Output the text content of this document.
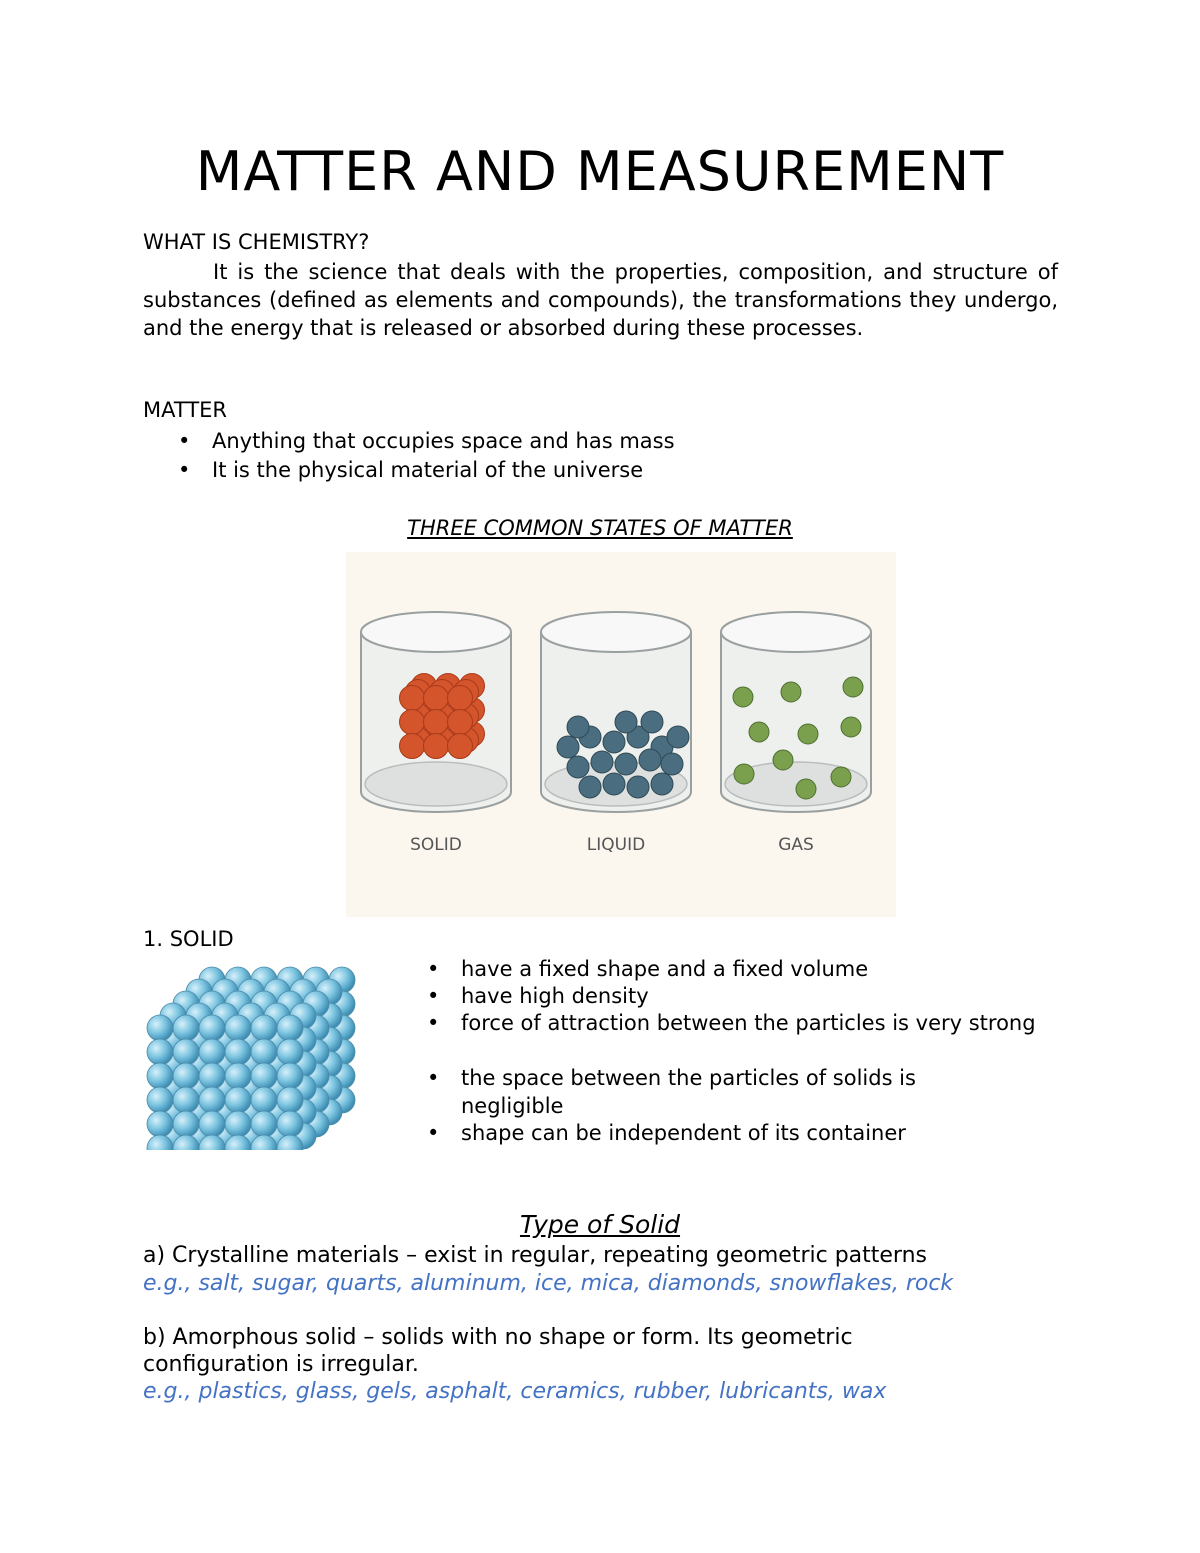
MATTER AND MEASUREMENT
WHAT IS CHEMISTRY?
It is the science that deals with the properties, composition, and structure of substances (defined as elements and compounds), the transformations they undergo, and the energy that is released or absorbed during these processes.
MATTER
• Anything that occupies space and has mass
• It is the physical material of the universe
THREE COMMON STATES OF MATTER
SOLID	LIQUID	GAS
1. SOLID
• have a fixed shape and a fixed volume
• have high density
• force of attraction between the particles is very strong
• the space between the particles of solids is negligible
• shape can be independent of its container
Type of Solid
a) Crystalline materials – exist in regular, repeating geometric patterns
e.g., salt, sugar, quarts, aluminum, ice, mica, diamonds, snowflakes, rock
b) Amorphous solid – solids with no shape or form. Its geometric
configuration is irregular.
e.g., plastics, glass, gels, asphalt, ceramics, rubber, lubricants, wax
